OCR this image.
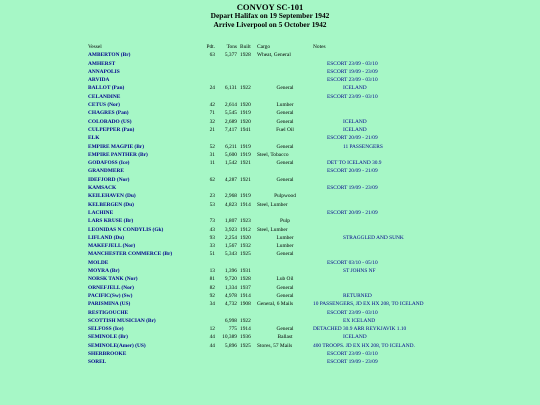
CONVOY SC-101
Depart Halifax on 19 September 1942
Arrive Liverpool on 5 October 1942
Vessel	Pdt.	Tons	Built	Cargo	Notes
AMBERTON (Br)	63	5,377	1928	Wheat, General	
AMHERST					ESCORT 23/09 - 03/10
ANNAPOLIS					ESCORT 19/09 - 23/09
ARVIDA					ESCORT 23/09 - 03/10
BALLOT (Pan)	24	6,131	1922	General	ICELAND
CELANDINE					ESCORT 23/09 - 03/10
CETUS (Nor)	42	2,614	1920	Lumber	
CHAGRES (Pan)	71	5,545	1919	General	
COLORADO (US)	32	2,689	1920	General	ICELAND
CULPEPPER (Pan)	21	7,417	1941	Fuel Oil	ICELAND
ELK					ESCORT 20/09 - 21/09
EMPIRE MAGPIE (Br)	52	6,211	1919	General	11 PASSENGERS
EMPIRE PANTHER (Br)	31	5,600	1919	Steel, Tobacco	
GODAFOSS (Ice)	11	1,542	1921	General	DET TO ICELAND 30.9
GRANDMERE					ESCORT 20/09 - 21/09
IDEFJORD (Nor)	62	4,287	1921	General	
KAMSACK					ESCORT 19/09 - 23/09
KEILEHAVEN (Du)	23	2,968	1919	Pulpwood	
KELBERGEN (Du)	53	4,823	1914	Steel, Lumber	
LACHINE					ESCORT 20/09 - 21/09
LARS KRUSE (Br)	73	1,807	1923	Pulp	
LEONIDAS N CONDYLIS (Gk)	43	3,923	1912	Steel, Lumber	
LIFLAND (Du)	93	2,254	1920	Lumber	STRAGGLED AND SUNK
MAKEFJELL (Nor)	33	1,567	1932	Lumber	
MANCHESTER COMMERCE (Br)	51	5,343	1925	General	
MOLDE					ESCORT 03/10 - 05/10
MOYRA (Br)	13	1,396	1931		ST JOHNS NF
NORSK TANK (Nor)	81	9,720	1928	Lub Oil	
ORNEFJELL (Nor)	82	1,334	1937	General	
PACIFIC(Sw) (Sw)	92	4,978	1914	General	RETURNED
PARISMINA (US)	34	4,732	1908	General, 6 Mails	10 PASSENGERS, JD EX HX 208, TO ICELAND
RESTIGOUCHE					ESCORT 23/09 - 03/10
SCOTTISH MUSICIAN (Br)		6,998	1922		EX ICELAND
SELFOSS (Ice)	12	775	1914	General	DETACHED 30.9 ARR REYKJAVIK 1.10
SEMINOLE (Br)	44	10,389	1936	Ballast	ICELAND
SEMINOLE(Amer) (US)	44	5,896	1925	Stores, 57 Mails	400 TROOPS. JD EX HX 208, TO ICELAND.
SHERBROOKE					ESCORT 23/09 - 03/10
SOREL					ESCORT 19/09 - 23/09
